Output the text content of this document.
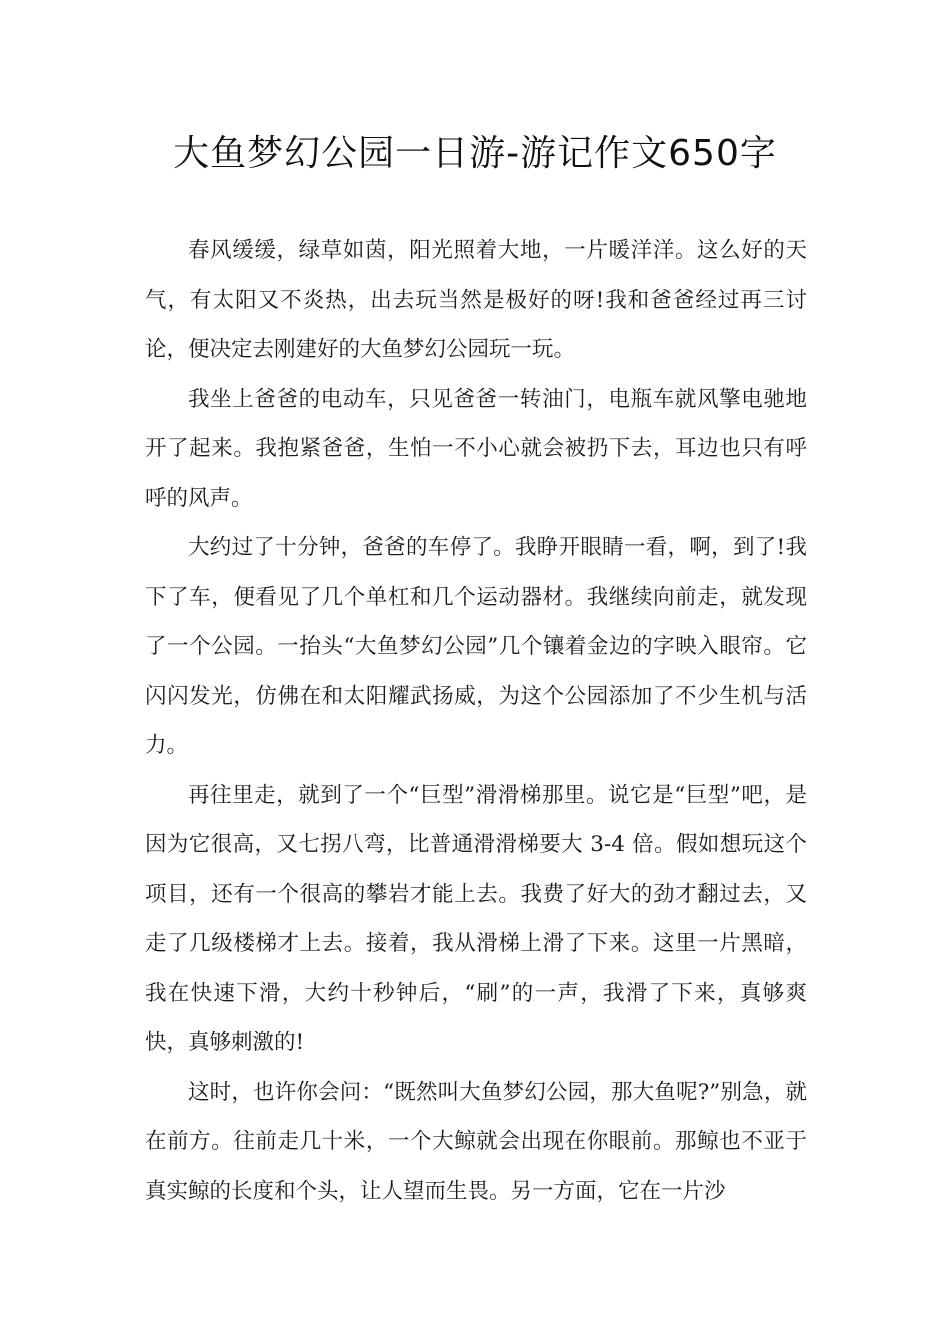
大鱼梦幻公园一日游-游记作文650字

春风缓缓，绿草如茵，阳光照着大地，一片暖洋洋。这么好的天气，有太阳又不炎热，出去玩当然是极好的呀!我和爸爸经过再三讨论，便决定去刚建好的大鱼梦幻公园玩一玩。

我坐上爸爸的电动车，只见爸爸一转油门，电瓶车就风擎电驰地开了起来。我抱紧爸爸，生怕一不小心就会被扔下去，耳边也只有呼呼的风声。

大约过了十分钟，爸爸的车停了。我睁开眼睛一看，啊，到了!我下了车，便看见了几个单杠和几个运动器材。我继续向前走，就发现了一个公园。一抬头“大鱼梦幻公园”几个镶着金边的字映入眼帘。它闪闪发光，仿佛在和太阳耀武扬威，为这个公园添加了不少生机与活力。

再往里走，就到了一个“巨型”滑滑梯那里。说它是“巨型”吧，是因为它很高，又七拐八弯，比普通滑滑梯要大 3-4 倍。假如想玩这个项目，还有一个很高的攀岩才能上去。我费了好大的劲才翻过去，又走了几级楼梯才上去。接着，我从滑梯上滑了下来。这里一片黑暗，我在快速下滑，大约十秒钟后，“刷”的一声，我滑了下来，真够爽快，真够刺激的!

这时，也许你会问：“既然叫大鱼梦幻公园，那大鱼呢?”别急，就在前方。往前走几十米，一个大鲸就会出现在你眼前。那鲸也不亚于真实鲸的长度和个头，让人望而生畏。另一方面，它在一片沙
